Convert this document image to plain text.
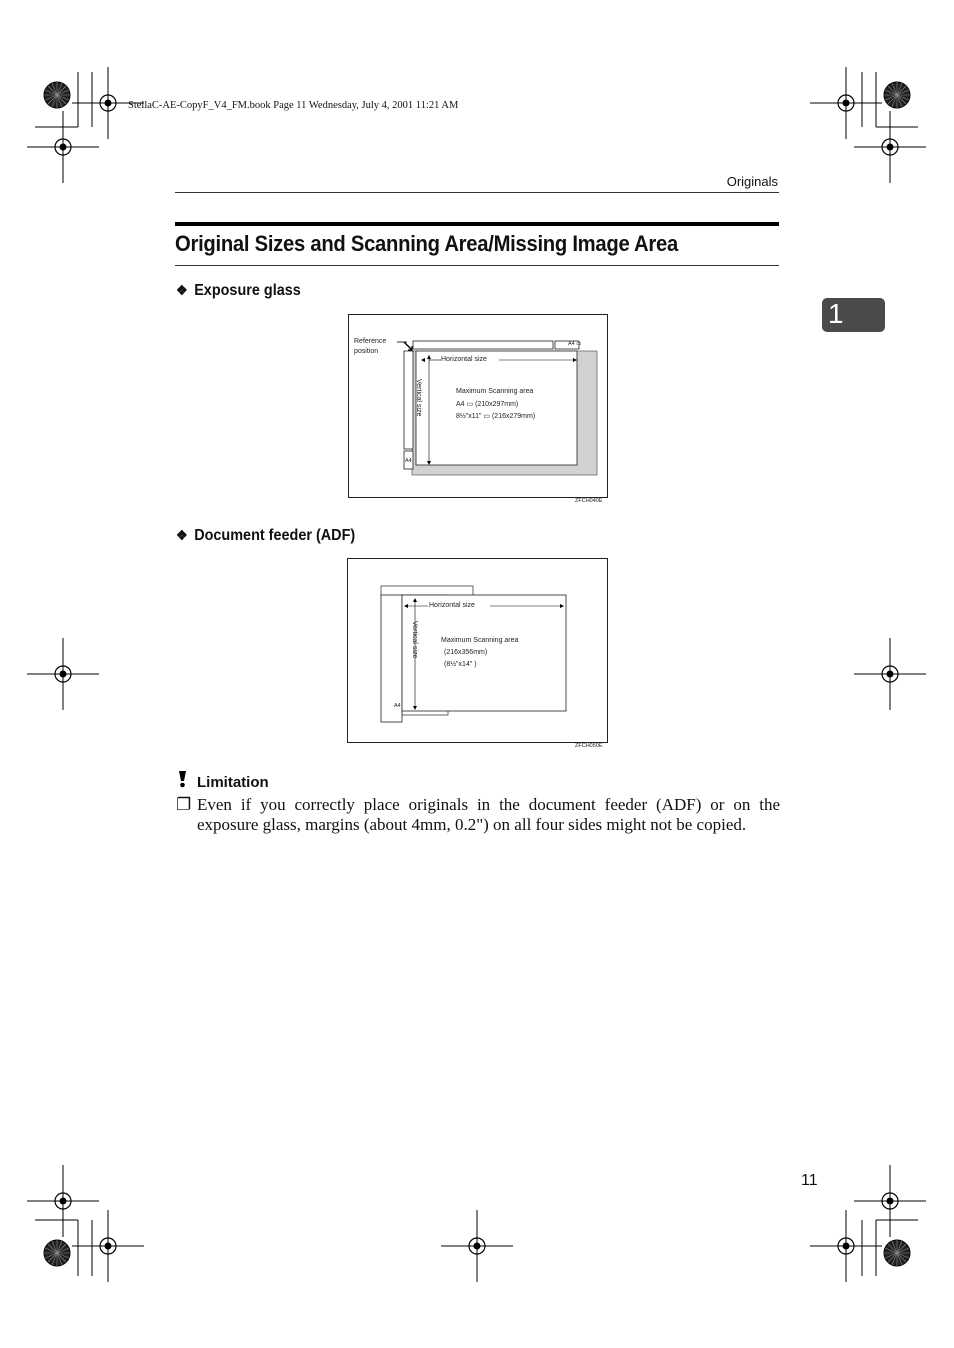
StellaC-AE-CopyF_V4_FM.book Page 11 Wednesday, July 4, 2001 11:21 AM
Originals
Original Sizes and Scanning Area/Missing Image Area
1
❖ Exposure glass
Reference
position
Horizontal size
Vertical size	Maximum Scanning area
A4 ▭ (210x297mm)
8½"x11" ▭ (216x279mm)
A4 ▭
A4
ZFCH040E
❖ Document feeder (ADF)
Horizontal size
Vertical size	Maximum Scanning area
(216x356mm)
(8½"x14" )
A4
ZFCH050E
Limitation
❐ Even if you correctly place originals in the document feeder (ADF) or on the exposure glass, margins (about 4mm, 0.2") on all four sides might not be copied.
11
